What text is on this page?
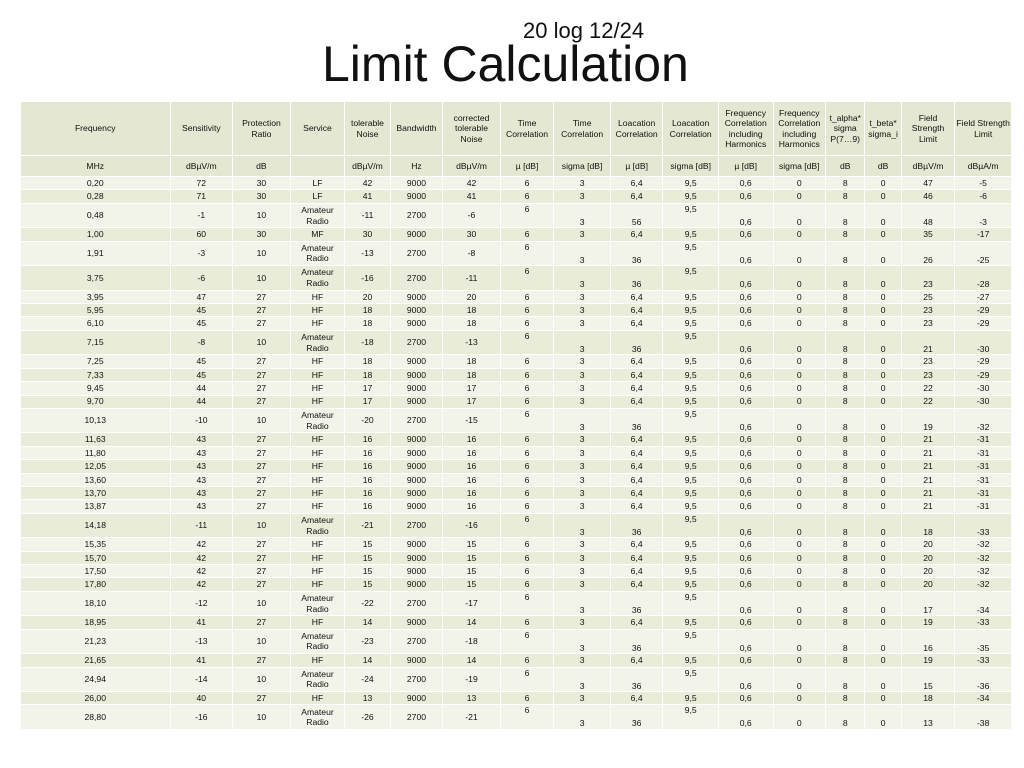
20 log 12/24
Limit Calculation
Frequency	Sensitivity	Protection Ratio	Service	tolerable Noise	Bandwidth	corrected tolerable Noise	Time Correlation	Time Correlation	Loacation Correlation	Loacation Correlation	Frequency Correlation including Harmonics	Frequency Correlation including Harmonics	t_alpha* sigma P(7…9)	t_beta* sigma_i	Field Strength Limit	Field Strength Limit
MHz	dBµV/m	dB		dBµV/m	Hz	dBµV/m	µ [dB]	sigma [dB]	µ [dB]	sigma [dB]	µ [dB]	sigma [dB]	dB	dB	dBµV/m	dBµA/m
0,20	72	30	LF	42	9000	42	6	3	6,4	9,5	0,6	0	8	0	47	-5
0,28	71	30	LF	41	9000	41	6	3	6,4	9,5	0,6	0	8	0	46	-6
0,48	-1	10	Amateur Radio	-11	2700	-6	6	3	56	9,5	0,6	0	8	0	48	-3
1,00	60	30	MF	30	9000	30	6	3	6,4	9,5	0,6	0	8	0	35	-17
1,91	-3	10	Amateur Radio	-13	2700	-8	6	3	36	9,5	0,6	0	8	0	26	-25
3,75	-6	10	Amateur Radio	-16	2700	-11	6	3	36	9,5	0,6	0	8	0	23	-28
3,95	47	27	HF	20	9000	20	6	3	6,4	9,5	0,6	0	8	0	25	-27
5,95	45	27	HF	18	9000	18	6	3	6,4	9,5	0,6	0	8	0	23	-29
6,10	45	27	HF	18	9000	18	6	3	6,4	9,5	0,6	0	8	0	23	-29
7,15	-8	10	Amateur Radio	-18	2700	-13	6	3	36	9,5	0,6	0	8	0	21	-30
7,25	45	27	HF	18	9000	18	6	3	6,4	9,5	0,6	0	8	0	23	-29
7,33	45	27	HF	18	9000	18	6	3	6,4	9,5	0,6	0	8	0	23	-29
9,45	44	27	HF	17	9000	17	6	3	6,4	9,5	0,6	0	8	0	22	-30
9,70	44	27	HF	17	9000	17	6	3	6,4	9,5	0,6	0	8	0	22	-30
10,13	-10	10	Amateur Radio	-20	2700	-15	6	3	36	9,5	0,6	0	8	0	19	-32
11,63	43	27	HF	16	9000	16	6	3	6,4	9,5	0,6	0	8	0	21	-31
11,80	43	27	HF	16	9000	16	6	3	6,4	9,5	0,6	0	8	0	21	-31
12,05	43	27	HF	16	9000	16	6	3	6,4	9,5	0,6	0	8	0	21	-31
13,60	43	27	HF	16	9000	16	6	3	6,4	9,5	0,6	0	8	0	21	-31
13,70	43	27	HF	16	9000	16	6	3	6,4	9,5	0,6	0	8	0	21	-31
13,87	43	27	HF	16	9000	16	6	3	6,4	9,5	0,6	0	8	0	21	-31
14,18	-11	10	Amateur Radio	-21	2700	-16	6	3	36	9,5	0,6	0	8	0	18	-33
15,35	42	27	HF	15	9000	15	6	3	6,4	9,5	0,6	0	8	0	20	-32
15,70	42	27	HF	15	9000	15	6	3	6,4	9,5	0,6	0	8	0	20	-32
17,50	42	27	HF	15	9000	15	6	3	6,4	9,5	0,6	0	8	0	20	-32
17,80	42	27	HF	15	9000	15	6	3	6,4	9,5	0,6	0	8	0	20	-32
18,10	-12	10	Amateur Radio	-22	2700	-17	6	3	36	9,5	0,6	0	8	0	17	-34
18,95	41	27	HF	14	9000	14	6	3	6,4	9,5	0,6	0	8	0	19	-33
21,23	-13	10	Amateur Radio	-23	2700	-18	6	3	36	9,5	0,6	0	8	0	16	-35
21,65	41	27	HF	14	9000	14	6	3	6,4	9,5	0,6	0	8	0	19	-33
24,94	-14	10	Amateur Radio	-24	2700	-19	6	3	36	9,5	0,6	0	8	0	15	-36
26,00	40	27	HF	13	9000	13	6	3	6,4	9,5	0,6	0	8	0	18	-34
28,80	-16	10	Amateur Radio	-26	2700	-21	6	3	36	9,5	0,6	0	8	0	13	-38
